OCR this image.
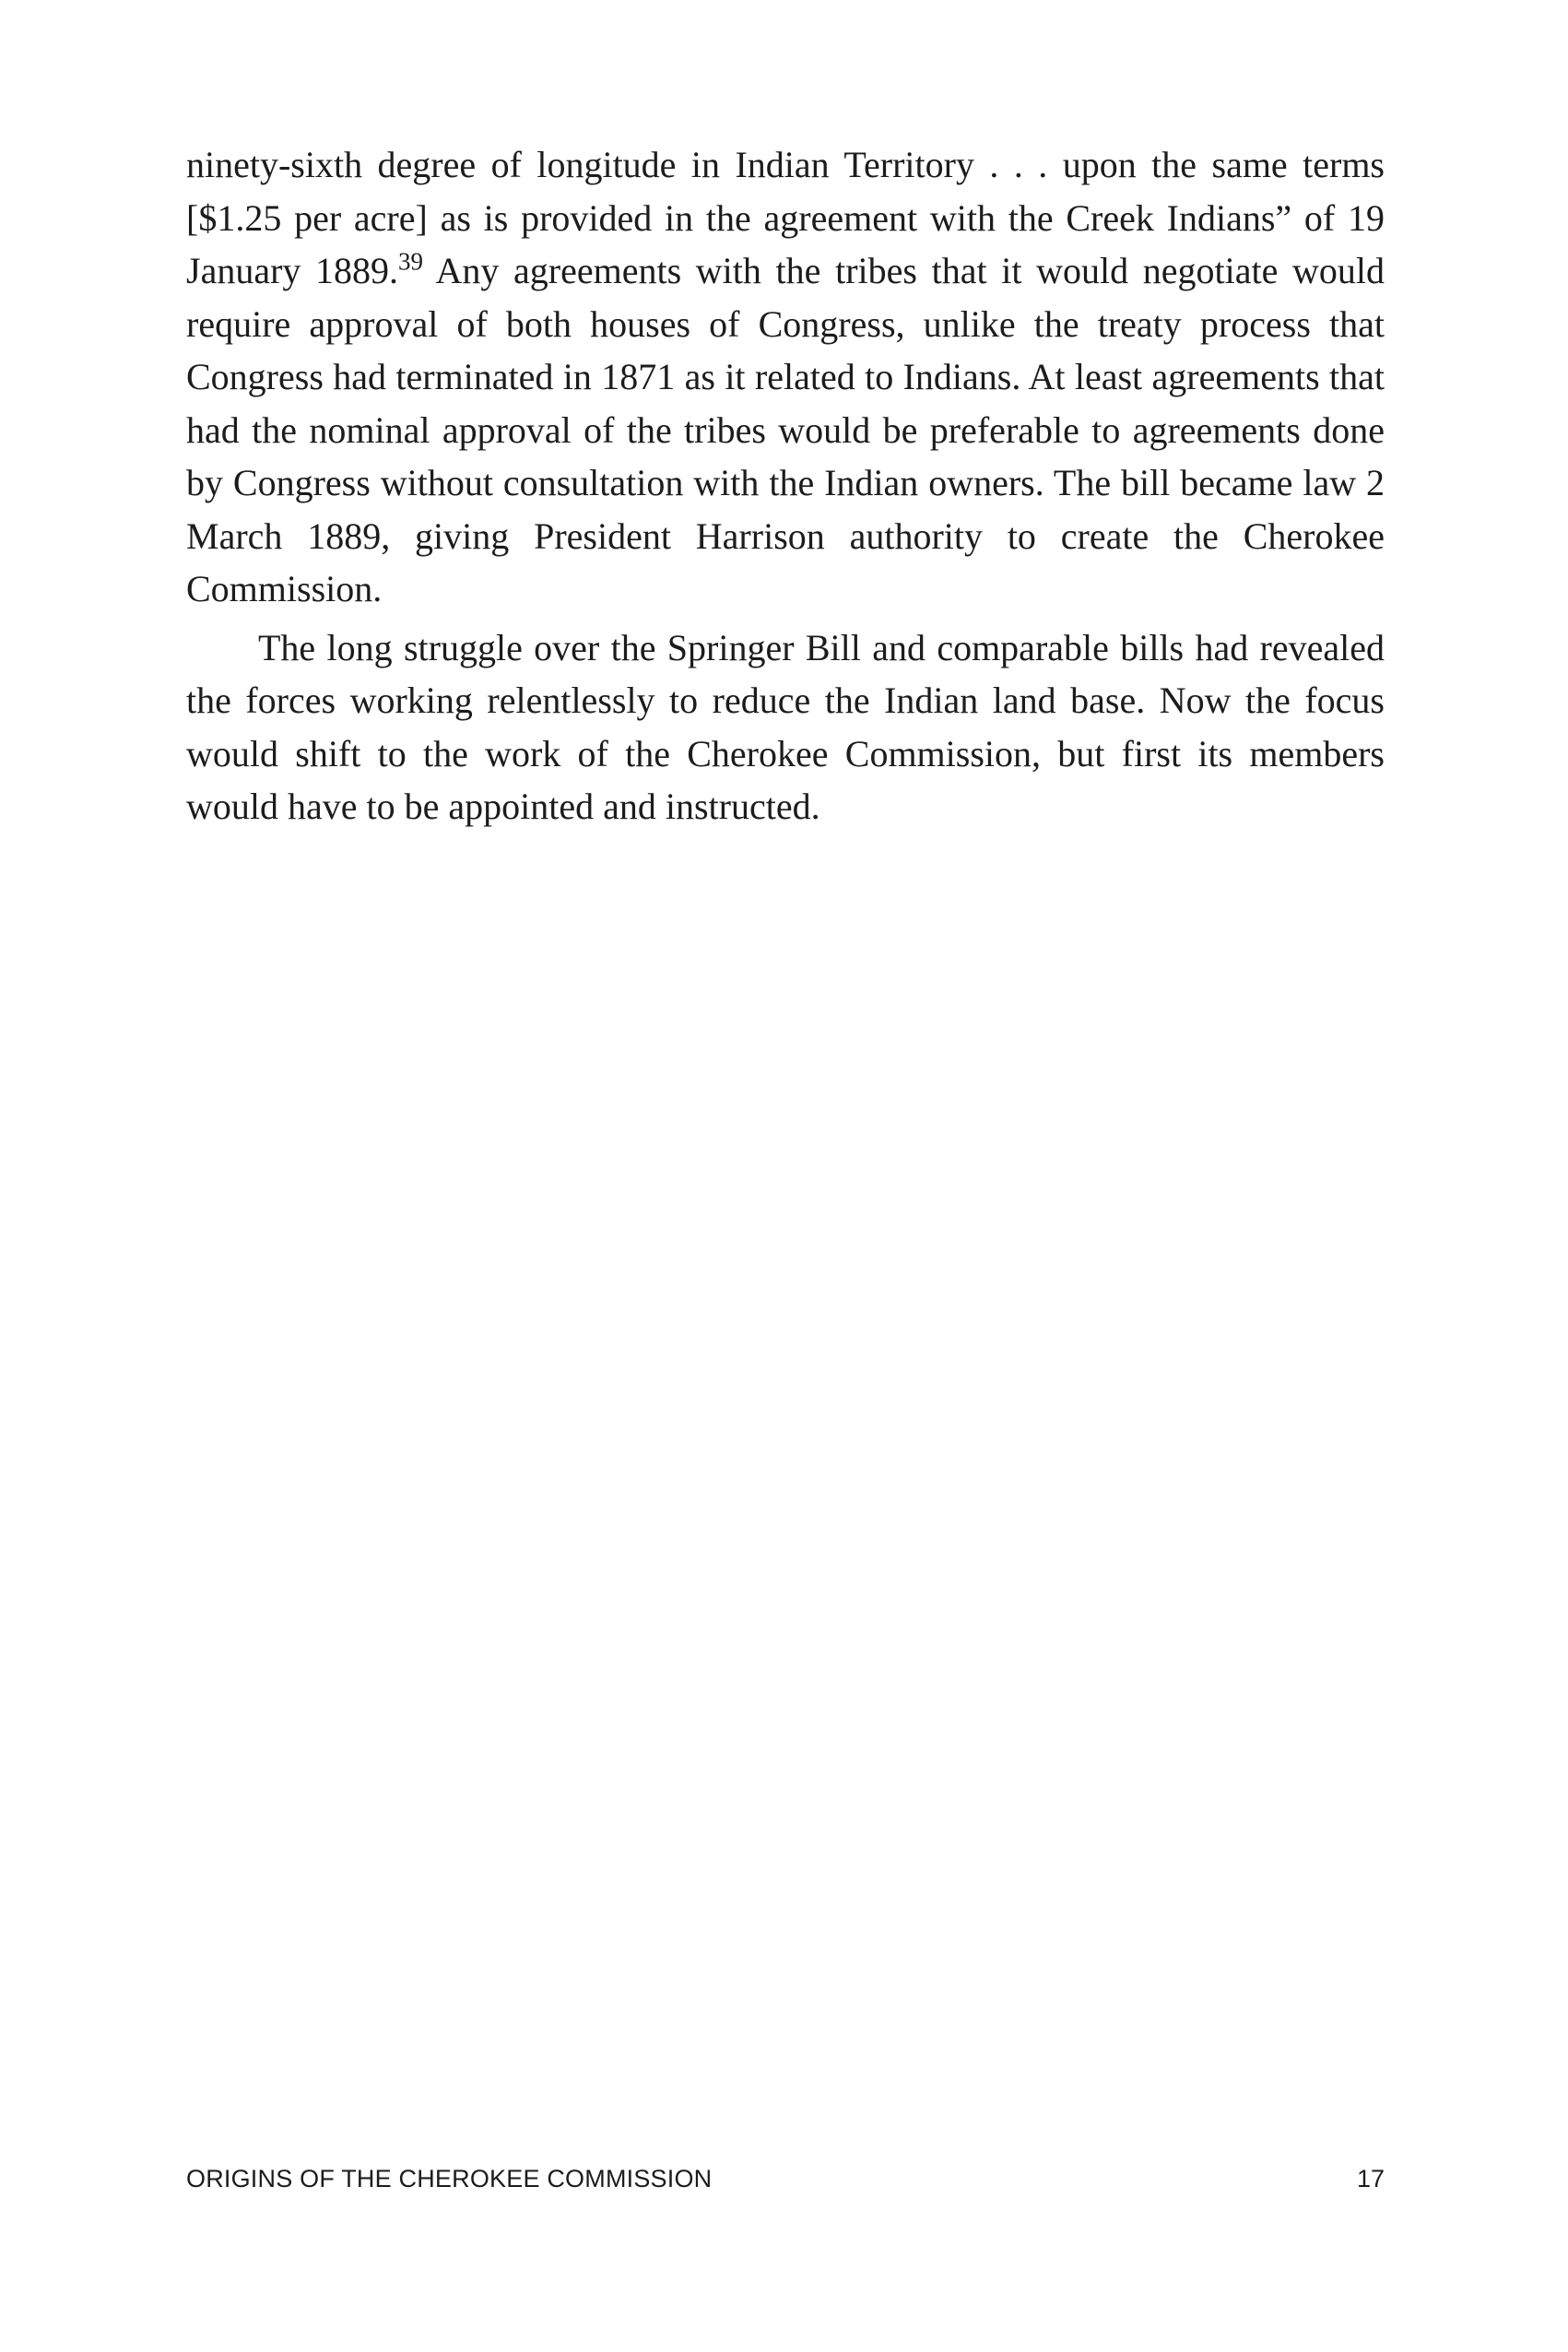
ninety-sixth degree of longitude in Indian Territory . . . upon the same terms [$1.25 per acre] as is provided in the agreement with the Creek Indians” of 19 January 1889.39 Any agreements with the tribes that it would negotiate would require approval of both houses of Congress, unlike the treaty process that Congress had terminated in 1871 as it related to Indians. At least agreements that had the nominal approval of the tribes would be preferable to agreements done by Congress without consultation with the Indian owners. The bill became law 2 March 1889, giving President Harrison authority to create the Cherokee Commission.

The long struggle over the Springer Bill and comparable bills had revealed the forces working relentlessly to reduce the Indian land base. Now the focus would shift to the work of the Cherokee Commission, but first its members would have to be appointed and instructed.

ORIGINS OF THE CHEROKEE COMMISSION	17
